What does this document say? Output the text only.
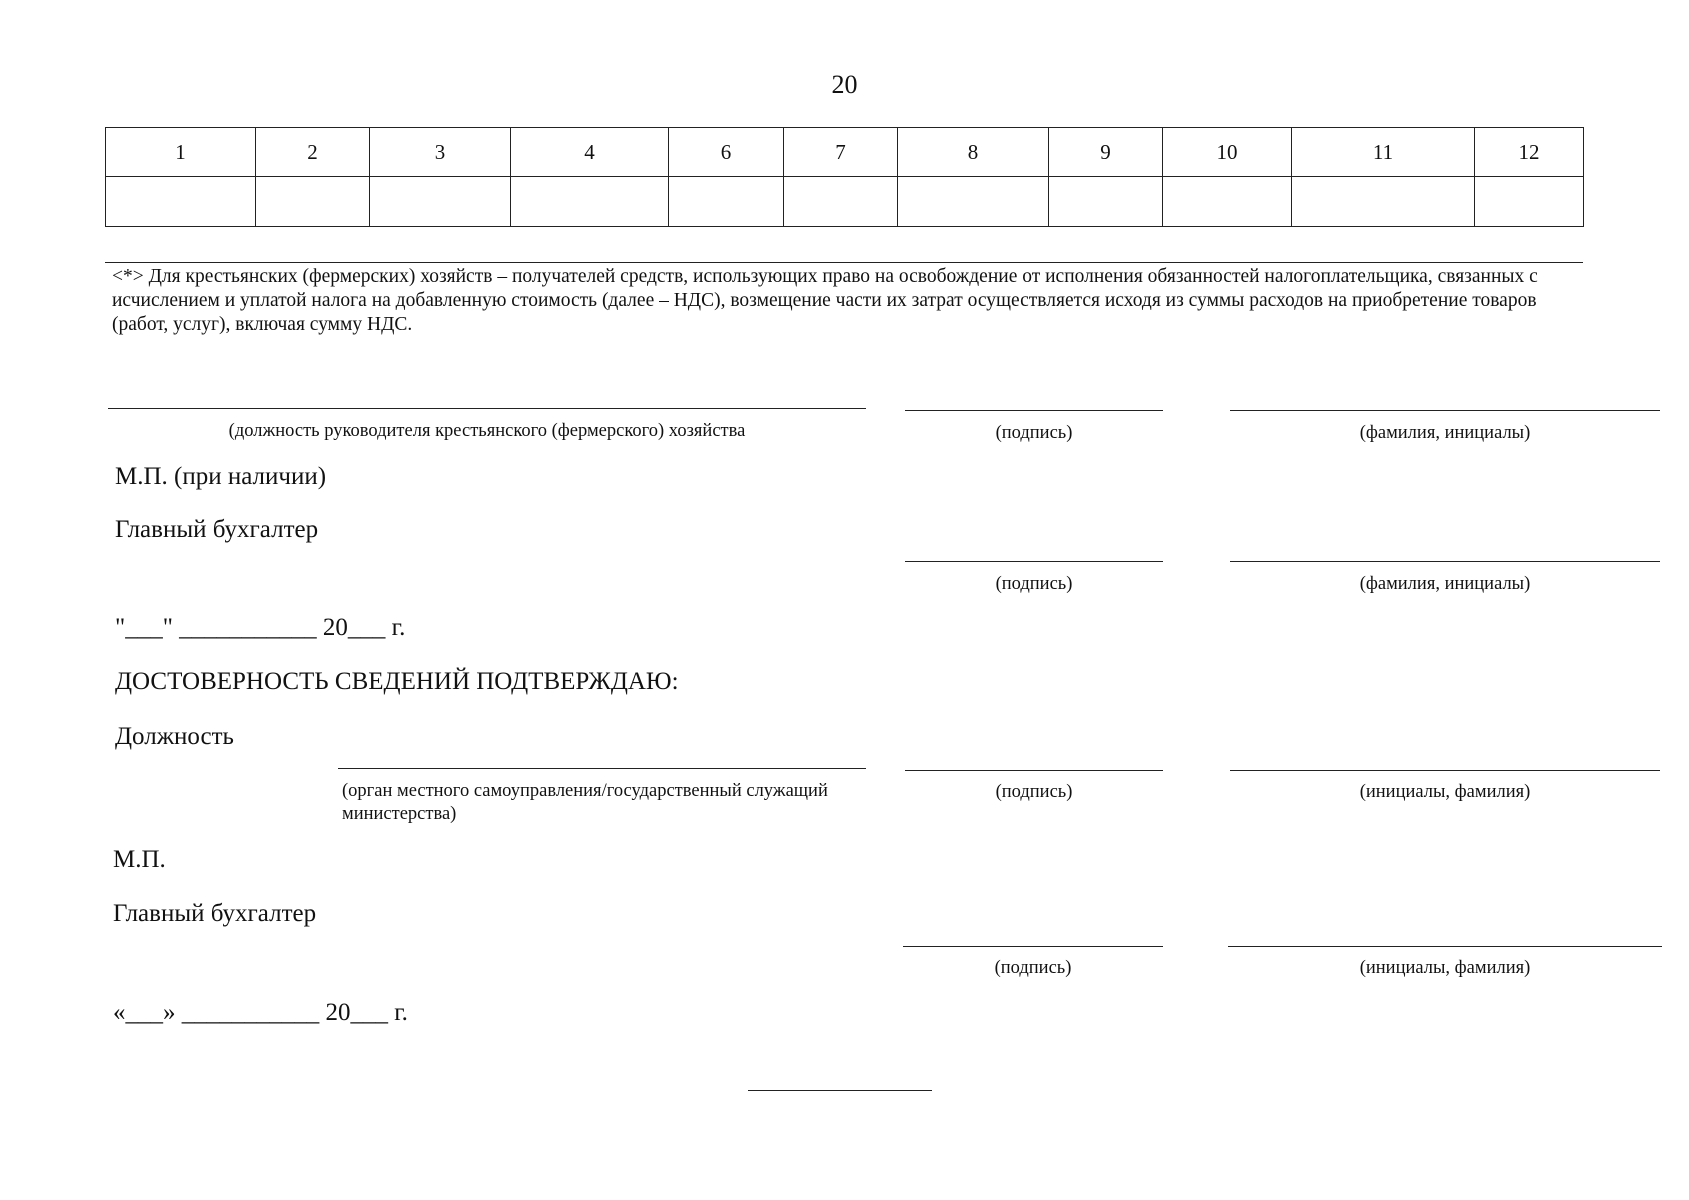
20
1	2	3	4	6	7	8	9	10	11	12

<*> Для крестьянских (фермерских) хозяйств – получателей средств, использующих право на освобождение от исполнения обязанностей налогоплательщика, связанных с исчислением и уплатой налога на добавленную стоимость (далее – НДС), возмещение части их затрат осуществляется исходя из суммы расходов на приобретение товаров (работ, услуг), включая сумму НДС.
(должность руководителя крестьянского (фермерского) хозяйства	(подпись)	(фамилия, инициалы)
М.П. (при наличии)
Главный бухгалтер
(подпись)	(фамилия, инициалы)
"___" ___________ 20___ г.
ДОСТОВЕРНОСТЬ СВЕДЕНИЙ ПОДТВЕРЖДАЮ:
Должность
(орган местного самоуправления/государственный служащий министерства)
(подпись)	(инициалы, фамилия)
М.П.
Главный бухгалтер
(подпись)	(инициалы, фамилия)
«___» ___________ 20___ г.
